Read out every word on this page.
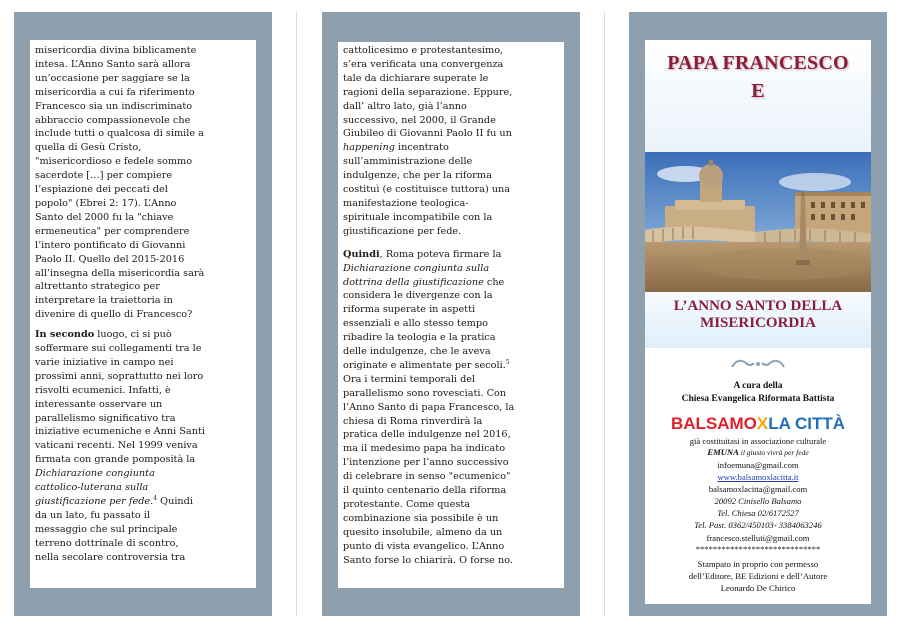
misericordia divina biblicamente
intesa. L’Anno Santo sarà allora
un’occasione per saggiare se la
misericordia a cui fa riferimento
Francesco sia un indiscriminato
abbraccio compassionevole che
include tutti o qualcosa di simile a
quella di Gesù Cristo,
"misericordioso e fedele sommo
sacerdote […] per compiere
l’espiazione dei peccati del
popolo" (Ebrei 2: 17). L’Anno
Santo del 2000 fu la "chiave
ermeneutica" per comprendere
l’intero pontificato di Giovanni
Paolo II. Quello del 2015-2016
all’insegna della misericordia sarà
altrettanto strategico per
interpretare la traiettoria in
divenire di quello di Francesco?

In secondo luogo, ci si può
soffermare sui collegamenti tra le
varie iniziative in campo nei
prossimi anni, soprattutto nei loro
risvolti ecumenici. Infatti, è
interessante osservare un
parallelismo significativo tra
iniziative ecumeniche e Anni Santi
vaticani recenti. Nel 1999 veniva
firmata con grande pomposità la
Dichiarazione congiunta
cattolico-luterana sulla
giustificazione per fede.$^4$ Quindi
da un lato, fu passato il
messaggio che sul principale
terreno dottrinale di scontro,
nella secolare controversia tra

cattolicesimo e protestantesimo,
s’era verificata una convergenza
tale da dichiarare superate le
ragioni della separazione. Eppure,
dall’ altro lato, già l’anno
successivo, nel 2000, il Grande
Giubileo di Giovanni Paolo II fu un
happening incentrato
sull’amministrazione delle
indulgenze, che per la riforma
costituì (e costituisce tuttora) una
manifestazione teologica-
spirituale incompatibile con la
giustificazione per fede.

Quindi, Roma poteva firmare la
Dichiarazione congiunta sulla
dottrina della giustificazione che
considera le divergenze con la
riforma superate in aspetti
essenziali e allo stesso tempo
ribadire la teologia e la pratica
delle indulgenze, che le aveva
originate e alimentate per secoli.$^5$
Ora i termini temporali del
parallelismo sono rovesciati. Con
l’Anno Santo di papa Francesco, la
chiesa di Roma rinverdirà la
pratica delle indulgenze nel 2016,
ma il medesimo papa ha indicato
l’intenzione per l’anno successivo
di celebrare in senso "ecumenico"
il quinto centenario della riforma
protestante. Come questa
combinazione sia possibile è un
quesito insolubile, almeno da un
punto di vista evangelico. L’Anno
Santo forse lo chiarirà. O forse no.

PAPA FRANCESCO
E
L’ANNO SANTO DELLA
MISERICORDIA
A cura della
Chiesa Evangelica Riformata Battista
BALSAMOXLA CITTÀ
già costituitasi in associazione culturale
EMUNA il giusto vivrà per fede
infoemuna@gmail.com
www.balsamoxlacitta.it
balsamoxlacitta@gmail.com
20092 Cinisello Balsamo
Tel. Chiesa 02/6172527
Tel. Past. 0362/450103- 3384063246
francesco.stelluti@gmail.com
*****************************
Stampato in proprio con permesso
dell’Editore, BE Edizioni e dell’Autore
Leonardo De Chirico
